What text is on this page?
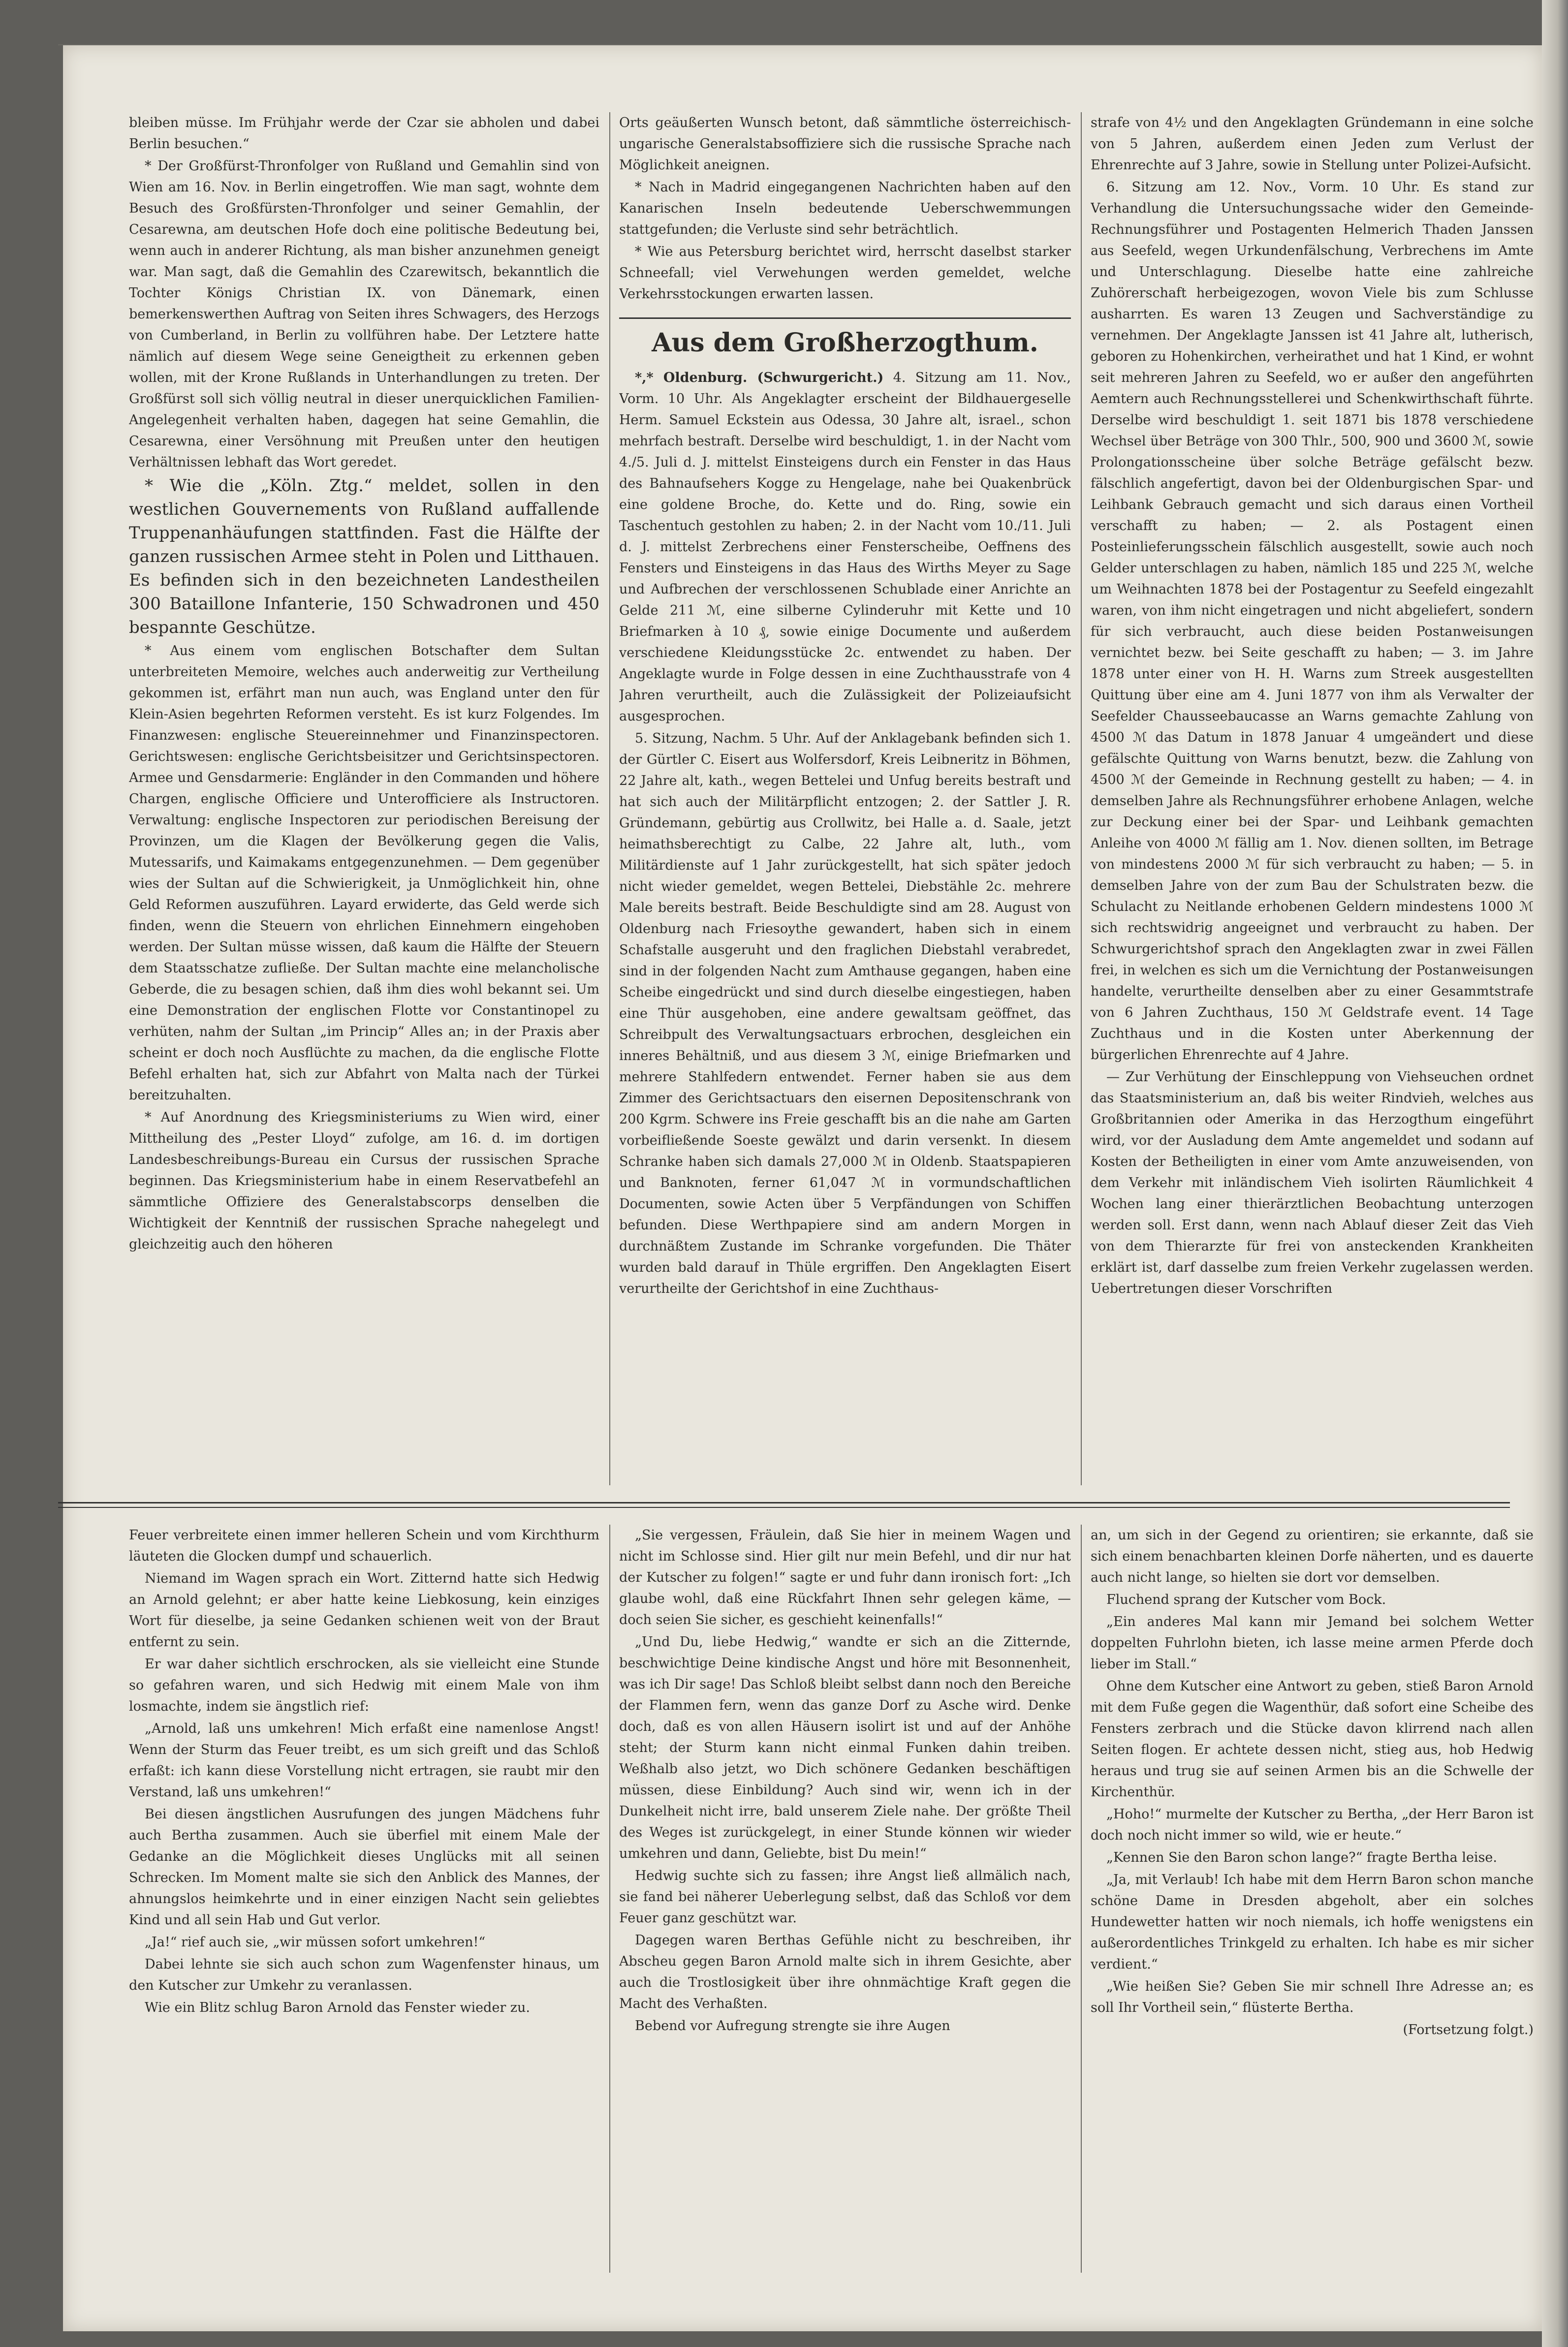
bleiben müsse. Im Frühjahr werde der Czar sie abholen und dabei Berlin besuchen.“

* Der Großfürst-Thronfolger von Rußland und Gemahlin sind von Wien am 16. Nov. in Berlin eingetroffen. Wie man sagt, wohnte dem Besuch des Großfürsten-Thronfolger und seiner Gemahlin, der Cesarewna, am deutschen Hofe doch eine politische Bedeutung bei, wenn auch in anderer Richtung, als man bisher anzunehmen geneigt war. Man sagt, daß die Gemahlin des Czarewitsch, bekanntlich die Tochter Königs Christian IX. von Dänemark, einen bemerkenswerthen Auftrag von Seiten ihres Schwagers, des Herzogs von Cumberland, in Berlin zu vollführen habe. Der Letztere hatte nämlich auf diesem Wege seine Geneigtheit zu erkennen geben wollen, mit der Krone Rußlands in Unterhandlungen zu treten. Der Großfürst soll sich völlig neutral in dieser unerquicklichen Familien-Angelegenheit verhalten haben, dagegen hat seine Gemahlin, die Cesarewna, einer Versöhnung mit Preußen unter den heutigen Verhältnissen lebhaft das Wort geredet.

* Wie die „Köln. Ztg.“ meldet, sollen in den westlichen Gouvernements von Rußland auffallende Truppenanhäufungen stattfinden. Fast die Hälfte der ganzen russischen Armee steht in Polen und Litthauen. Es befinden sich in den bezeichneten Landestheilen 300 Bataillone Infanterie, 150 Schwadronen und 450 bespannte Geschütze.

* Aus einem vom englischen Botschafter dem Sultan unterbreiteten Memoire, welches auch anderweitig zur Vertheilung gekommen ist, erfährt man nun auch, was England unter den für Klein-Asien begehrten Reformen versteht. Es ist kurz Folgendes. Im Finanzwesen: englische Steuereinnehmer und Finanzinspectoren. Gerichtswesen: englische Gerichtsbeisitzer und Gerichtsinspectoren. Armee und Gensdarmerie: Engländer in den Commanden und höhere Chargen, englische Officiere und Unterofficiere als Instructoren. Verwaltung: englische Inspectoren zur periodischen Bereisung der Provinzen, um die Klagen der Bevölkerung gegen die Valis, Mutessarifs, und Kaimakams entgegenzunehmen. — Dem gegenüber wies der Sultan auf die Schwierigkeit, ja Unmöglichkeit hin, ohne Geld Reformen auszuführen. Layard erwiderte, das Geld werde sich finden, wenn die Steuern von ehrlichen Einnehmern eingehoben werden. Der Sultan müsse wissen, daß kaum die Hälfte der Steuern dem Staatsschatze zufließe. Der Sultan machte eine melancholische Geberde, die zu besagen schien, daß ihm dies wohl bekannt sei. Um eine Demonstration der englischen Flotte vor Constantinopel zu verhüten, nahm der Sultan „im Princip“ Alles an; in der Praxis aber scheint er doch noch Ausflüchte zu machen, da die englische Flotte Befehl erhalten hat, sich zur Abfahrt von Malta nach der Türkei bereitzuhalten.

* Auf Anordnung des Kriegsministeriums zu Wien wird, einer Mittheilung des „Pester Lloyd“ zufolge, am 16. d. im dortigen Landesbeschreibungs-Bureau ein Cursus der russischen Sprache beginnen. Das Kriegsministerium habe in einem Reservatbefehl an sämmtliche Offiziere des Generalstabscorps denselben die Wichtigkeit der Kenntniß der russischen Sprache nahegelegt und gleichzeitig auch den höheren

Orts geäußerten Wunsch betont, daß sämmtliche österreichisch-ungarische Generalstabsoffiziere sich die russische Sprache nach Möglichkeit aneignen.

* Nach in Madrid eingegangenen Nachrichten haben auf den Kanarischen Inseln bedeutende Ueberschwemmungen stattgefunden; die Verluste sind sehr beträchtlich.

* Wie aus Petersburg berichtet wird, herrscht daselbst starker Schneefall; viel Verwehungen werden gemeldet, welche Verkehrsstockungen erwarten lassen.

Aus dem Großherzogthum.

*,* Oldenburg. (Schwurgericht.) 4. Sitzung am 11. Nov., Vorm. 10 Uhr. Als Angeklagter erscheint der Bildhauergeselle Herm. Samuel Eckstein aus Odessa, 30 Jahre alt, israel., schon mehrfach bestraft. Derselbe wird beschuldigt, 1. in der Nacht vom 4./5. Juli d. J. mittelst Einsteigens durch ein Fenster in das Haus des Bahnaufsehers Kogge zu Hengelage, nahe bei Quakenbrück eine goldene Broche, do. Kette und do. Ring, sowie ein Taschentuch gestohlen zu haben; 2. in der Nacht vom 10./11. Juli d. J. mittelst Zerbrechens einer Fensterscheibe, Oeffnens des Fensters und Einsteigens in das Haus des Wirths Meyer zu Sage und Aufbrechen der verschlossenen Schublade einer Anrichte an Gelde 211 ℳ, eine silberne Cylinderuhr mit Kette und 10 Briefmarken à 10 ₰, sowie einige Documente und außerdem verschiedene Kleidungsstücke 2c. entwendet zu haben. Der Angeklagte wurde in Folge dessen in eine Zuchthausstrafe von 4 Jahren verurtheilt, auch die Zulässigkeit der Polizeiaufsicht ausgesprochen.

5. Sitzung, Nachm. 5 Uhr. Auf der Anklagebank befinden sich 1. der Gürtler C. Eisert aus Wolfersdorf, Kreis Leibneritz in Böhmen, 22 Jahre alt, kath., wegen Bettelei und Unfug bereits bestraft und hat sich auch der Militärpflicht entzogen; 2. der Sattler J. R. Gründemann, gebürtig aus Crollwitz, bei Halle a. d. Saale, jetzt heimathsberechtigt zu Calbe, 22 Jahre alt, luth., vom Militärdienste auf 1 Jahr zurückgestellt, hat sich später jedoch nicht wieder gemeldet, wegen Bettelei, Diebstähle 2c. mehrere Male bereits bestraft. Beide Beschuldigte sind am 28. August von Oldenburg nach Friesoythe gewandert, haben sich in einem Schafstalle ausgeruht und den fraglichen Diebstahl verabredet, sind in der folgenden Nacht zum Amthause gegangen, haben eine Scheibe eingedrückt und sind durch dieselbe eingestiegen, haben eine Thür ausgehoben, eine andere gewaltsam geöffnet, das Schreibpult des Verwaltungsactuars erbrochen, desgleichen ein inneres Behältniß, und aus diesem 3 ℳ, einige Briefmarken und mehrere Stahlfedern entwendet. Ferner haben sie aus dem Zimmer des Gerichtsactuars den eisernen Depositenschrank von 200 Kgrm. Schwere ins Freie geschafft bis an die nahe am Garten vorbeifließende Soeste gewälzt und darin versenkt. In diesem Schranke haben sich damals 27,000 ℳ in Oldenb. Staatspapieren und Banknoten, ferner 61,047 ℳ in vormundschaftlichen Documenten, sowie Acten über 5 Verpfändungen von Schiffen befunden. Diese Werthpapiere sind am andern Morgen in durchnäßtem Zustande im Schranke vorgefunden. Die Thäter wurden bald darauf in Thüle ergriffen. Den Angeklagten Eisert verurtheilte der Gerichtshof in eine Zuchthaus-

strafe von 4½ und den Angeklagten Gründemann in eine solche von 5 Jahren, außerdem einen Jeden zum Verlust der Ehrenrechte auf 3 Jahre, sowie in Stellung unter Polizei-Aufsicht.

6. Sitzung am 12. Nov., Vorm. 10 Uhr. Es stand zur Verhandlung die Untersuchungssache wider den Gemeinde-Rechnungsführer und Postagenten Helmerich Thaden Janssen aus Seefeld, wegen Urkundenfälschung, Verbrechens im Amte und Unterschlagung. Dieselbe hatte eine zahlreiche Zuhörerschaft herbeigezogen, wovon Viele bis zum Schlusse ausharrten. Es waren 13 Zeugen und Sachverständige zu vernehmen. Der Angeklagte Janssen ist 41 Jahre alt, lutherisch, geboren zu Hohenkirchen, verheirathet und hat 1 Kind, er wohnt seit mehreren Jahren zu Seefeld, wo er außer den angeführten Aemtern auch Rechnungsstellerei und Schenkwirthschaft führte. Derselbe wird beschuldigt 1. seit 1871 bis 1878 verschiedene Wechsel über Beträge von 300 Thlr., 500, 900 und 3600 ℳ, sowie Prolongationsscheine über solche Beträge gefälscht bezw. fälschlich angefertigt, davon bei der Oldenburgischen Spar- und Leihbank Gebrauch gemacht und sich daraus einen Vortheil verschafft zu haben; — 2. als Postagent einen Posteinlieferungsschein fälschlich ausgestellt, sowie auch noch Gelder unterschlagen zu haben, nämlich 185 und 225 ℳ, welche um Weihnachten 1878 bei der Postagentur zu Seefeld eingezahlt waren, von ihm nicht eingetragen und nicht abgeliefert, sondern für sich verbraucht, auch diese beiden Postanweisungen vernichtet bezw. bei Seite geschafft zu haben; — 3. im Jahre 1878 unter einer von H. H. Warns zum Streek ausgestellten Quittung über eine am 4. Juni 1877 von ihm als Verwalter der Seefelder Chausseebaucasse an Warns gemachte Zahlung von 4500 ℳ das Datum in 1878 Januar 4 umgeändert und diese gefälschte Quittung von Warns benutzt, bezw. die Zahlung von 4500 ℳ der Gemeinde in Rechnung gestellt zu haben; — 4. in demselben Jahre als Rechnungsführer erhobene Anlagen, welche zur Deckung einer bei der Spar- und Leihbank gemachten Anleihe von 4000 ℳ fällig am 1. Nov. dienen sollten, im Betrage von mindestens 2000 ℳ für sich verbraucht zu haben; — 5. in demselben Jahre von der zum Bau der Schulstraten bezw. die Schulacht zu Neitlande erhobenen Geldern mindestens 1000 ℳ sich rechtswidrig angeeignet und verbraucht zu haben. Der Schwurgerichtshof sprach den Angeklagten zwar in zwei Fällen frei, in welchen es sich um die Vernichtung der Postanweisungen handelte, verurtheilte denselben aber zu einer Gesammtstrafe von 6 Jahren Zuchthaus, 150 ℳ Geldstrafe event. 14 Tage Zuchthaus und in die Kosten unter Aberkennung der bürgerlichen Ehrenrechte auf 4 Jahre.

— Zur Verhütung der Einschleppung von Viehseuchen ordnet das Staatsministerium an, daß bis weiter Rindvieh, welches aus Großbritannien oder Amerika in das Herzogthum eingeführt wird, vor der Ausladung dem Amte angemeldet und sodann auf Kosten der Betheiligten in einer vom Amte anzuweisenden, von dem Verkehr mit inländischem Vieh isolirten Räumlichkeit 4 Wochen lang einer thierärztlichen Beobachtung unterzogen werden soll. Erst dann, wenn nach Ablauf dieser Zeit das Vieh von dem Thierarzte für frei von ansteckenden Krankheiten erklärt ist, darf dasselbe zum freien Verkehr zugelassen werden. Uebertretungen dieser Vorschriften

Feuer verbreitete einen immer helleren Schein und vom Kirchthurm läuteten die Glocken dumpf und schauerlich.

Niemand im Wagen sprach ein Wort. Zitternd hatte sich Hedwig an Arnold gelehnt; er aber hatte keine Liebkosung, kein einziges Wort für dieselbe, ja seine Gedanken schienen weit von der Braut entfernt zu sein.

Er war daher sichtlich erschrocken, als sie vielleicht eine Stunde so gefahren waren, und sich Hedwig mit einem Male von ihm losmachte, indem sie ängstlich rief:

„Arnold, laß uns umkehren! Mich erfaßt eine namenlose Angst! Wenn der Sturm das Feuer treibt, es um sich greift und das Schloß erfaßt: ich kann diese Vorstellung nicht ertragen, sie raubt mir den Verstand, laß uns umkehren!“

Bei diesen ängstlichen Ausrufungen des jungen Mädchens fuhr auch Bertha zusammen. Auch sie überfiel mit einem Male der Gedanke an die Möglichkeit dieses Unglücks mit all seinen Schrecken. Im Moment malte sie sich den Anblick des Mannes, der ahnungslos heimkehrte und in einer einzigen Nacht sein geliebtes Kind und all sein Hab und Gut verlor.

„Ja!“ rief auch sie, „wir müssen sofort umkehren!“

Dabei lehnte sie sich auch schon zum Wagenfenster hinaus, um den Kutscher zur Umkehr zu veranlassen.

Wie ein Blitz schlug Baron Arnold das Fenster wieder zu.

„Sie vergessen, Fräulein, daß Sie hier in meinem Wagen und nicht im Schlosse sind. Hier gilt nur mein Befehl, und dir nur hat der Kutscher zu folgen!“ sagte er und fuhr dann ironisch fort: „Ich glaube wohl, daß eine Rückfahrt Ihnen sehr gelegen käme, — doch seien Sie sicher, es geschieht keinenfalls!“

„Und Du, liebe Hedwig,“ wandte er sich an die Zitternde, beschwichtige Deine kindische Angst und höre mit Besonnenheit, was ich Dir sage! Das Schloß bleibt selbst dann noch den Bereiche der Flammen fern, wenn das ganze Dorf zu Asche wird. Denke doch, daß es von allen Häusern isolirt ist und auf der Anhöhe steht; der Sturm kann nicht einmal Funken dahin treiben. Weßhalb also jetzt, wo Dich schönere Gedanken beschäftigen müssen, diese Einbildung? Auch sind wir, wenn ich in der Dunkelheit nicht irre, bald unserem Ziele nahe. Der größte Theil des Weges ist zurückgelegt, in einer Stunde können wir wieder umkehren und dann, Geliebte, bist Du mein!“

Hedwig suchte sich zu fassen; ihre Angst ließ allmälich nach, sie fand bei näherer Ueberlegung selbst, daß das Schloß vor dem Feuer ganz geschützt war.

Dagegen waren Berthas Gefühle nicht zu beschreiben, ihr Abscheu gegen Baron Arnold malte sich in ihrem Gesichte, aber auch die Trostlosigkeit über ihre ohnmächtige Kraft gegen die Macht des Verhaßten.

Bebend vor Aufregung strengte sie ihre Augen

an, um sich in der Gegend zu orientiren; sie erkannte, daß sie sich einem benachbarten kleinen Dorfe näherten, und es dauerte auch nicht lange, so hielten sie dort vor demselben.

Fluchend sprang der Kutscher vom Bock.

„Ein anderes Mal kann mir Jemand bei solchem Wetter doppelten Fuhrlohn bieten, ich lasse meine armen Pferde doch lieber im Stall.“

Ohne dem Kutscher eine Antwort zu geben, stieß Baron Arnold mit dem Fuße gegen die Wagenthür, daß sofort eine Scheibe des Fensters zerbrach und die Stücke davon klirrend nach allen Seiten flogen. Er achtete dessen nicht, stieg aus, hob Hedwig heraus und trug sie auf seinen Armen bis an die Schwelle der Kirchenthür.

„Hoho!“ murmelte der Kutscher zu Bertha, „der Herr Baron ist doch noch nicht immer so wild, wie er heute.“

„Kennen Sie den Baron schon lange?“ fragte Bertha leise.

„Ja, mit Verlaub! Ich habe mit dem Herrn Baron schon manche schöne Dame in Dresden abgeholt, aber ein solches Hundewetter hatten wir noch niemals, ich hoffe wenigstens ein außerordentliches Trinkgeld zu erhalten. Ich habe es mir sicher verdient.“

„Wie heißen Sie? Geben Sie mir schnell Ihre Adresse an; es soll Ihr Vortheil sein,“ flüsterte Bertha.

(Fortsetzung folgt.)
